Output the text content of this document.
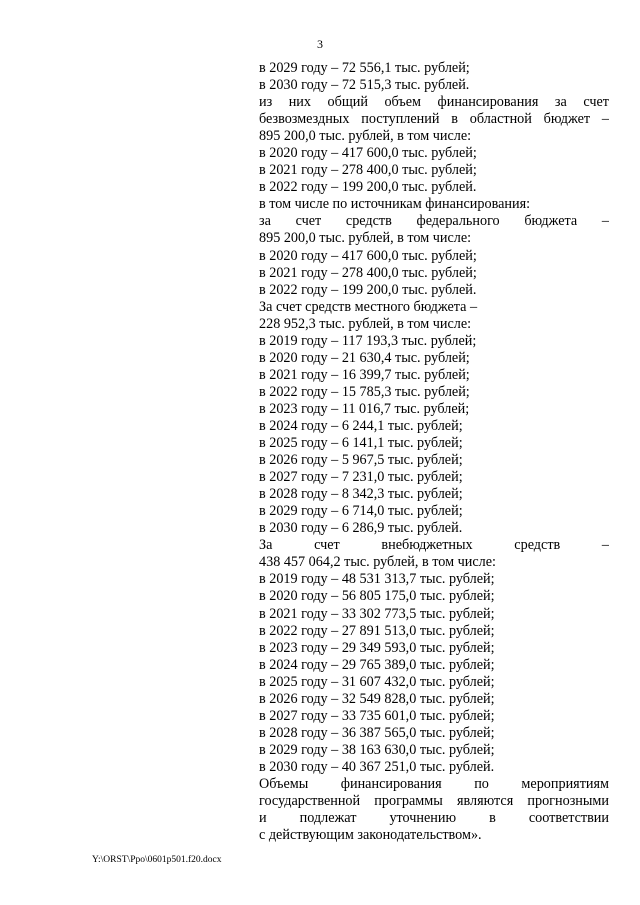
3
в 2029 году – 72 556,1 тыс. рублей;
в 2030 году – 72 515,3 тыс. рублей.
из них общий объем финансирования за счет
безвозмездных поступлений в областной бюджет –
895 200,0 тыс. рублей, в том числе:
в 2020 году – 417 600,0 тыс. рублей;
в 2021 году – 278 400,0 тыс. рублей;
в 2022 году – 199 200,0 тыс. рублей.
в том числе по источникам финансирования:
за счет средств федерального бюджета –
895 200,0 тыс. рублей, в том числе:
в 2020 году – 417 600,0 тыс. рублей;
в 2021 году – 278 400,0 тыс. рублей;
в 2022 году – 199 200,0 тыс. рублей.
За счет средств местного бюджета –
228 952,3 тыс. рублей, в том числе:
в 2019 году – 117 193,3 тыс. рублей;
в 2020 году – 21 630,4 тыс. рублей;
в 2021 году – 16 399,7 тыс. рублей;
в 2022 году – 15 785,3 тыс. рублей;
в 2023 году – 11 016,7 тыс. рублей;
в 2024 году – 6 244,1 тыс. рублей;
в 2025 году – 6 141,1 тыс. рублей;
в 2026 году – 5 967,5 тыс. рублей;
в 2027 году – 7 231,0 тыс. рублей;
в 2028 году – 8 342,3 тыс. рублей;
в 2029 году – 6 714,0 тыс. рублей;
в 2030 году – 6 286,9 тыс. рублей.
За счет внебюджетных средств –
438 457 064,2 тыс. рублей, в том числе:
в 2019 году – 48 531 313,7 тыс. рублей;
в 2020 году – 56 805 175,0 тыс. рублей;
в 2021 году – 33 302 773,5 тыс. рублей;
в 2022 году – 27 891 513,0 тыс. рублей;
в 2023 году – 29 349 593,0 тыс. рублей;
в 2024 году – 29 765 389,0 тыс. рублей;
в 2025 году – 31 607 432,0 тыс. рублей;
в 2026 году – 32 549 828,0 тыс. рублей;
в 2027 году – 33 735 601,0 тыс. рублей;
в 2028 году – 36 387 565,0 тыс. рублей;
в 2029 году – 38 163 630,0 тыс. рублей;
в 2030 году – 40 367 251,0 тыс. рублей.
Объемы финансирования по мероприятиям
государственной программы являются прогнозными
и подлежат уточнению в соответствии
с действующим законодательством».
Y:\ORST\Ppo\0601p501.f20.docx
